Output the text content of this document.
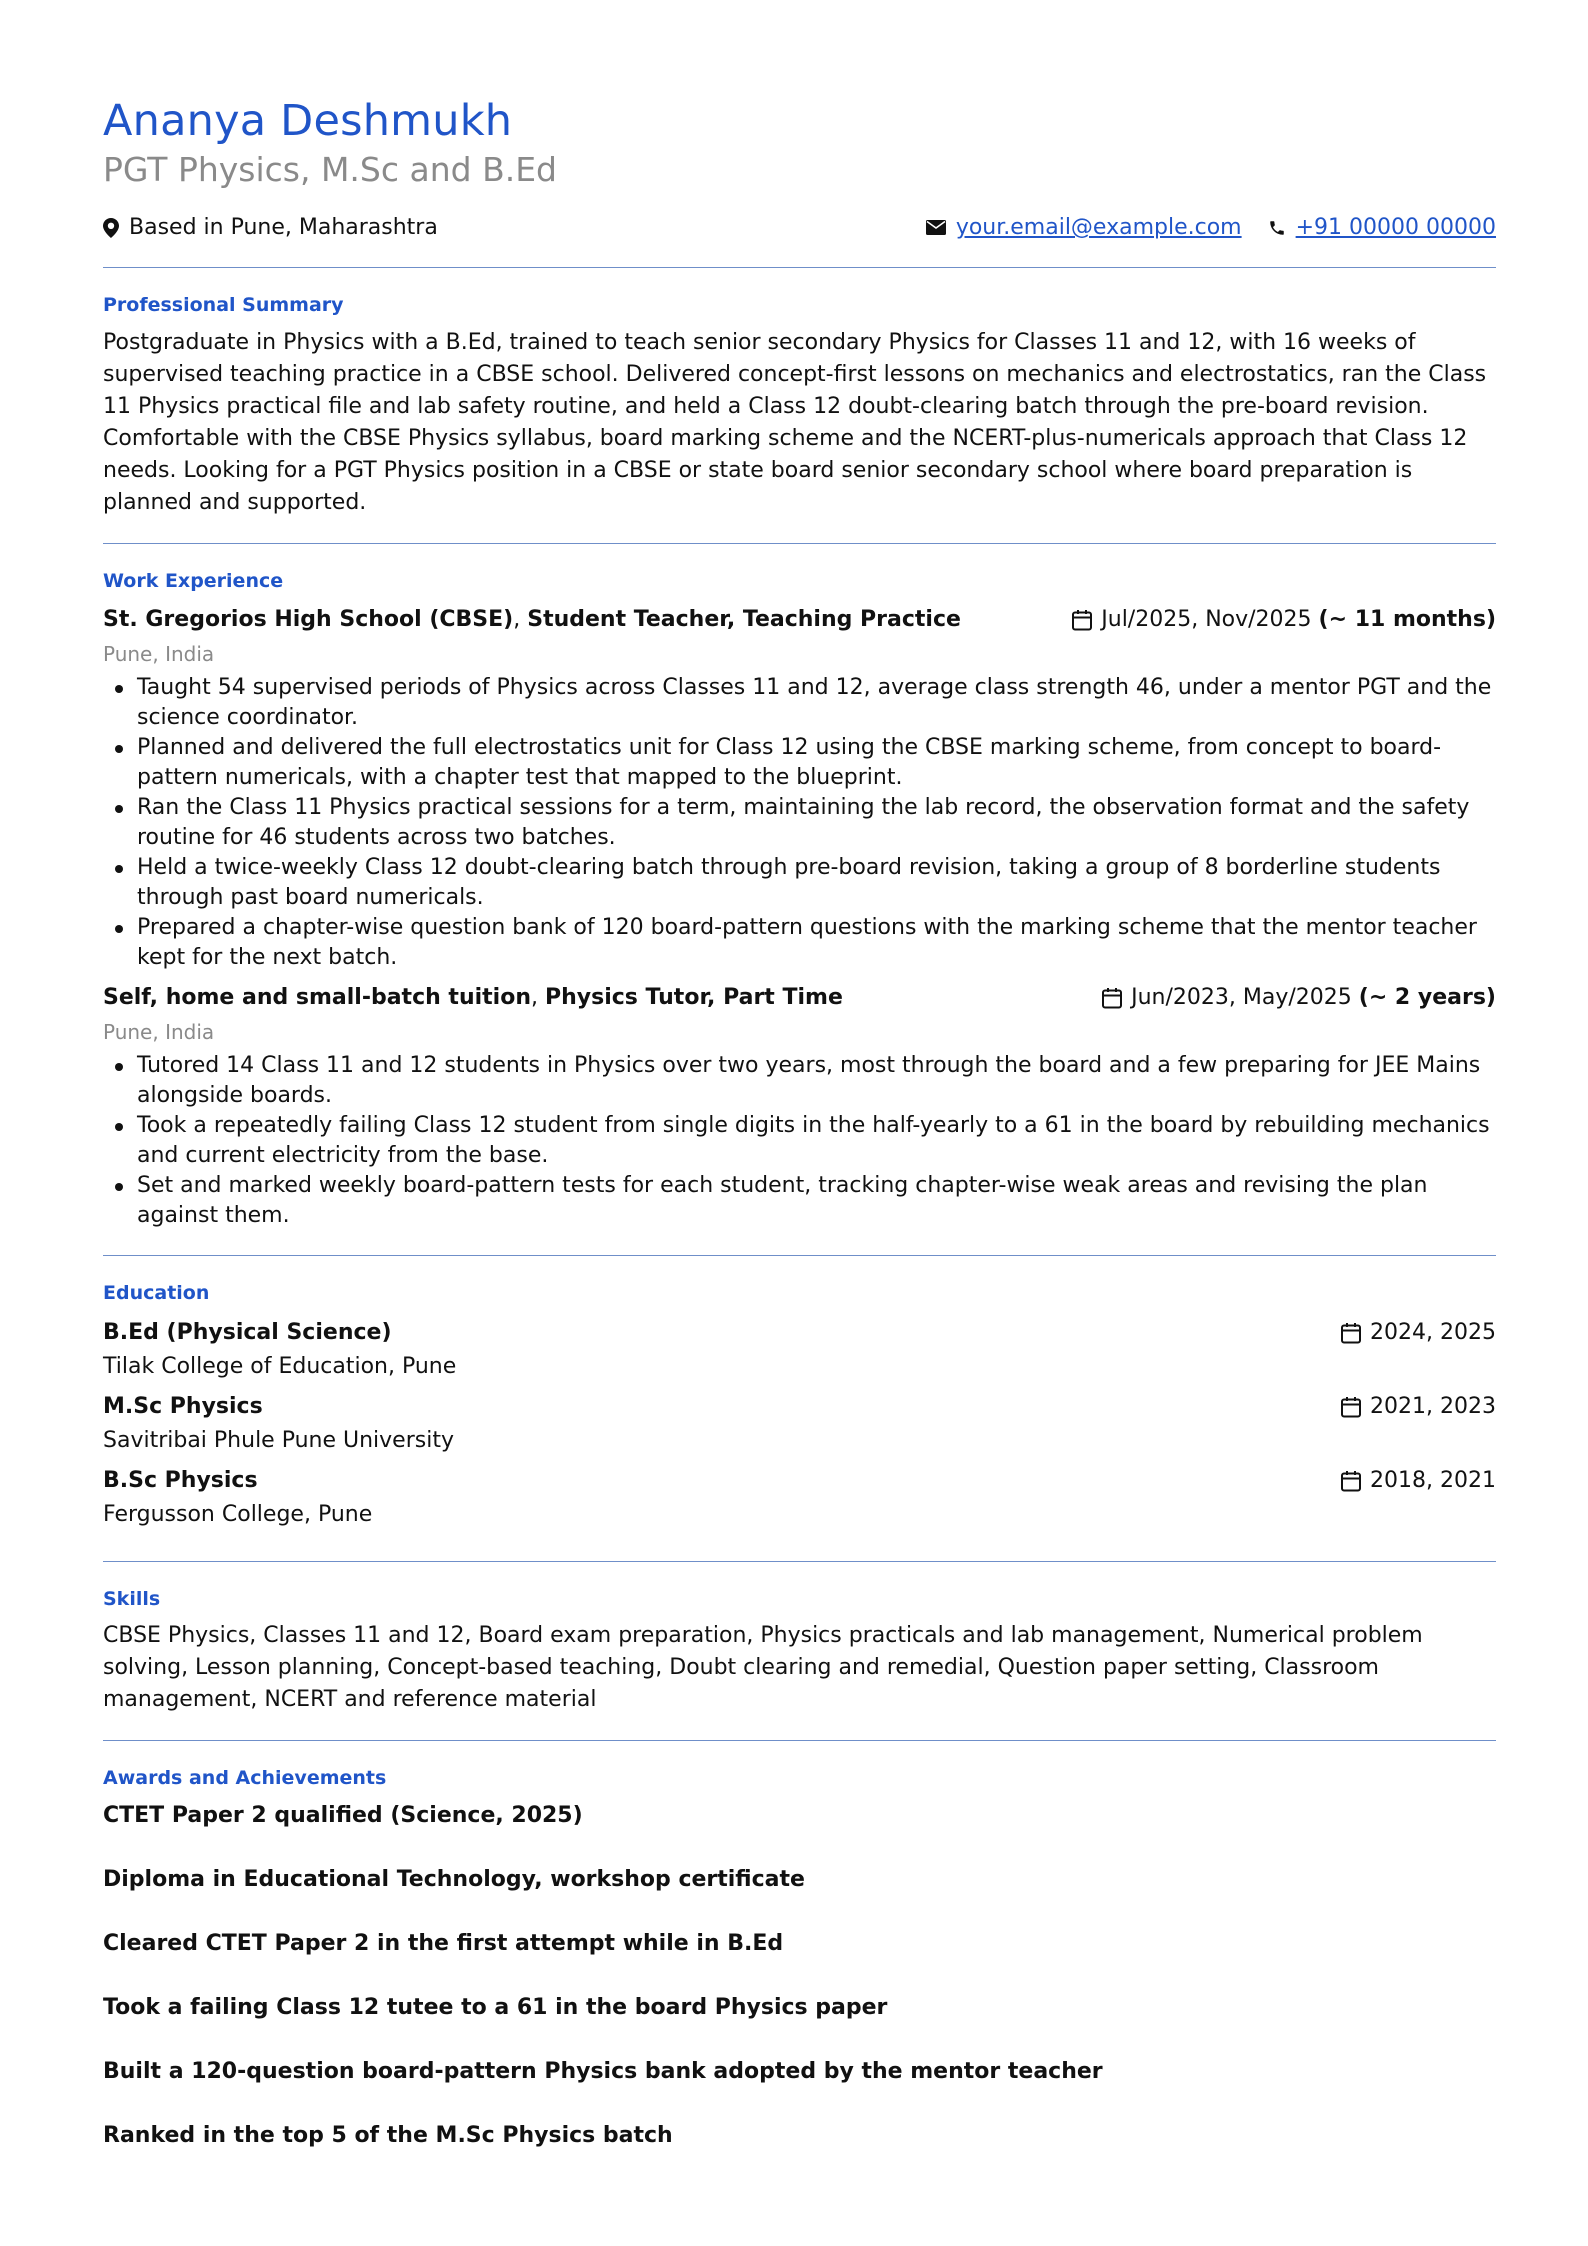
Ananya Deshmukh
PGT Physics, M.Sc and B.Ed
Based in Pune, Maharashtra	your.email@example.com +91 00000 00000
Professional Summary
Postgraduate in Physics with a B.Ed, trained to teach senior secondary Physics for Classes 11 and 12, with 16 weeks of supervised teaching practice in a CBSE school. Delivered concept-first lessons on mechanics and electrostatics, ran the Class 11 Physics practical file and lab safety routine, and held a Class 12 doubt-clearing batch through the pre-board revision. Comfortable with the CBSE Physics syllabus, board marking scheme and the NCERT-plus-numericals approach that Class 12 needs. Looking for a PGT Physics position in a CBSE or state board senior secondary school where board preparation is planned and supported.
Work Experience
St. Gregorios High School (CBSE), Student Teacher, Teaching Practice	Jul/2025, Nov/2025
(~ 11 months)
Pune, India
Taught 54 supervised periods of Physics across Classes 11 and 12, average class strength 46, under a mentor PGT and the science coordinator.
Planned and delivered the full electrostatics unit for Class 12 using the CBSE marking scheme, from concept to board-pattern numericals, with a chapter test that mapped to the blueprint.
Ran the Class 11 Physics practical sessions for a term, maintaining the lab record, the observation format and the safety routine for 46 students across two batches.
Held a twice-weekly Class 12 doubt-clearing batch through pre-board revision, taking a group of 8 borderline students through past board numericals.
Prepared a chapter-wise question bank of 120 board-pattern questions with the marking scheme that the mentor teacher kept for the next batch.
Self, home and small-batch tuition, Physics Tutor, Part Time	Jun/2023, May/2025
(~ 2 years)
Pune, India
Tutored 14 Class 11 and 12 students in Physics over two years, most through the board and a few preparing for JEE Mains alongside boards.
Took a repeatedly failing Class 12 student from single digits in the half-yearly to a 61 in the board by rebuilding mechanics and current electricity from the base.
Set and marked weekly board-pattern tests for each student, tracking chapter-wise weak areas and revising the plan against them.
Education
B.Ed (Physical Science)	2024, 2025
Tilak College of Education, Pune
M.Sc Physics	2021, 2023
Savitribai Phule Pune University
B.Sc Physics	2018, 2021
Fergusson College, Pune
Skills
CBSE Physics, Classes 11 and 12, Board exam preparation, Physics practicals and lab management, Numerical problem solving, Lesson planning, Concept-based teaching, Doubt clearing and remedial, Question paper setting, Classroom management, NCERT and reference material
Awards and Achievements
CTET Paper 2 qualified (Science, 2025)
Diploma in Educational Technology, workshop certificate
Cleared CTET Paper 2 in the first attempt while in B.Ed
Took a failing Class 12 tutee to a 61 in the board Physics paper
Built a 120-question board-pattern Physics bank adopted by the mentor teacher
Ranked in the top 5 of the M.Sc Physics batch
